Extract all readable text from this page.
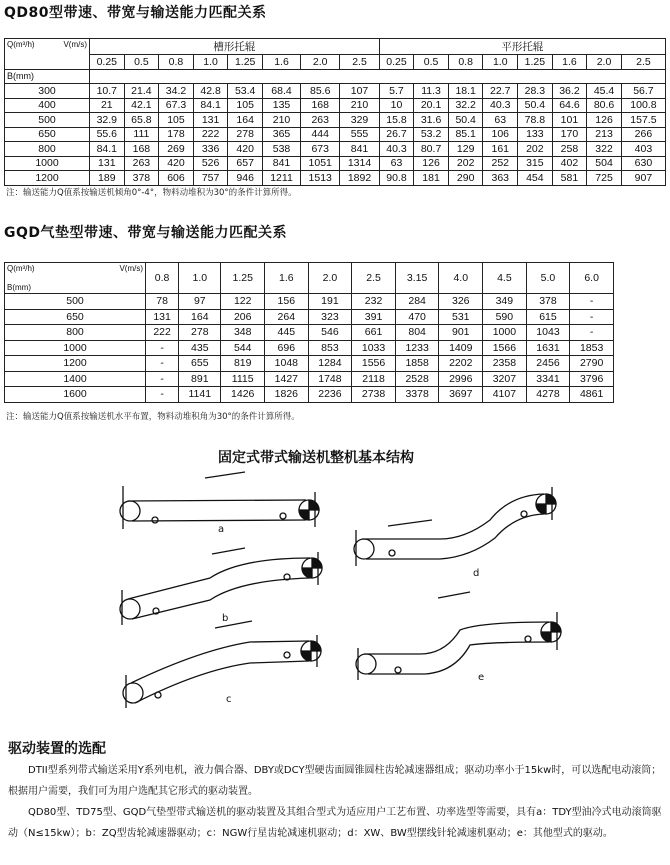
QD80型带速、带宽与输送能力匹配关系
Q(m³/h) V(m/s)	槽形托辊								平形托辊							
	0.25	0.5	0.8	1.0	1.25	1.6	2.0	2.5	0.25	0.5	0.8	1.0	1.25	1.6	2.0	2.5
B(mm)																
300	10.7	21.4	34.2	42.8	53.4	68.4	85.6	107	5.7	11.3	18.1	22.7	28.3	36.2	45.4	56.7
400	21	42.1	67.3	84.1	105	135	168	210	10	20.1	32.2	40.3	50.4	64.6	80.6	100.8
500	32.9	65.8	105	131	164	210	263	329	15.8	31.6	50.4	63	78.8	101	126	157.5
650	55.6	111	178	222	278	365	444	555	26.7	53.2	85.1	106	133	170	213	266
800	84.1	168	269	336	420	538	673	841	40.3	80.7	129	161	202	258	322	403
1000	131	263	420	526	657	841	1051	1314	63	126	202	252	315	402	504	630
1200	189	378	606	757	946	1211	1513	1892	90.8	181	290	363	454	581	725	907
注：输送能力Q值系按输送机倾角0°-4°，物料动堆积为30°的条件计算所得。
GQD气垫型带速、带宽与输送能力匹配关系
Q(m³/h) V(m/s)
B(mm)	0.8	1.0	1.25	1.6	2.0	2.5	3.15	4.0	4.5	5.0	6.0
500	78	97	122	156	191	232	284	326	349	378	-
650	131	164	206	264	323	391	470	531	590	615	-
800	222	278	348	445	546	661	804	901	1000	1043	-
1000	-	435	544	696	853	1033	1233	1409	1566	1631	1853
1200	-	655	819	1048	1284	1556	1858	2202	2358	2456	2790
1400	-	891	1115	1427	1748	2118	2528	2996	3207	3341	3796
1600	-	1141	1426	1826	2236	2738	3378	3697	4107	4278	4861
注：输送能力Q值系按输送机水平布置，物料动堆积角为30°的条件计算所得。
固定式带式输送机整机基本结构
a
b
c
d
e
驱动装置的选配

DTII型系列带式输送采用Y系列电机，液力偶合器、DBY或DCY型硬齿面圆锥圆柱齿轮减速器组成；驱动功率小于15kw时，可以选配电动滚筒；根据用户需要，我们可为用户选配其它形式的驱动装置。

QD80型、TD75型、GQD气垫型带式输送机的驱动装置及其组合型式为适应用户工艺布置、功率选型等需要，具有a：TDY型油冷式电动滚筒驱动（N≤15kw）；b：ZQ型齿轮减速器驱动；c：NGW行星齿轮减速机驱动；d：XW、BW型摆线针轮减速机驱动；e：其他型式的驱动。
